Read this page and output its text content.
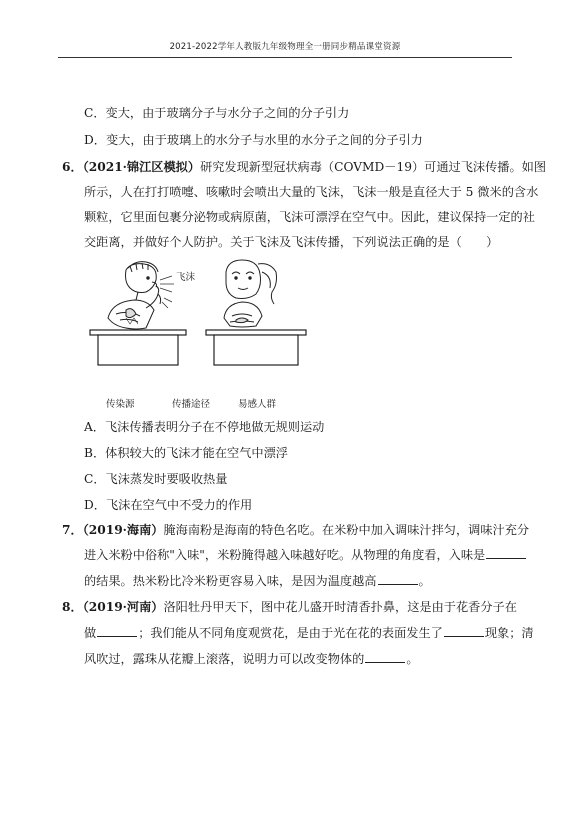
2021-2022学年人教版九年级物理全一册同步精品课堂资源
C．变大，由于玻璃分子与水分子之间的分子引力
D．变大，由于玻璃上的水分子与水里的水分子之间的分子引力
6．（2021·锦江区模拟）研究发现新型冠状病毒（COVMD－19）可通过飞沫传播。如图
所示，人在打打喷嚏、咳嗽时会喷出大量的飞沫，飞沫一般是直径大于 5 微米的含水
颗粒，它里面包裹分泌物或病原菌，飞沫可漂浮在空气中。因此，建议保持一定的社
交距离，并做好个人防护。关于飞沫及飞沫传播，下列说法正确的是（　　）
飞沫
传染源	传播途径	易感人群
A．飞沫传播表明分子在不停地做无规则运动
B．体积较大的飞沫才能在空气中漂浮
C．飞沫蒸发时要吸收热量
D．飞沫在空气中不受力的作用
7．（2019·海南）腌海南粉是海南的特色名吃。在米粉中加入调味汁拌匀，调味汁充分
进入米粉中俗称"入味"，米粉腌得越入味越好吃。从物理的角度看，入味是
的结果。热米粉比冷米粉更容易入味，是因为温度越高	。
8．（2019·河南）洛阳牡丹甲天下，图中花儿盛开时清香扑鼻，这是由于花香分子在
做	；我们能从不同角度观赏花，是由于光在花的表面发生了	现象；清
风吹过，露珠从花瓣上滚落，说明力可以改变物体的	。
